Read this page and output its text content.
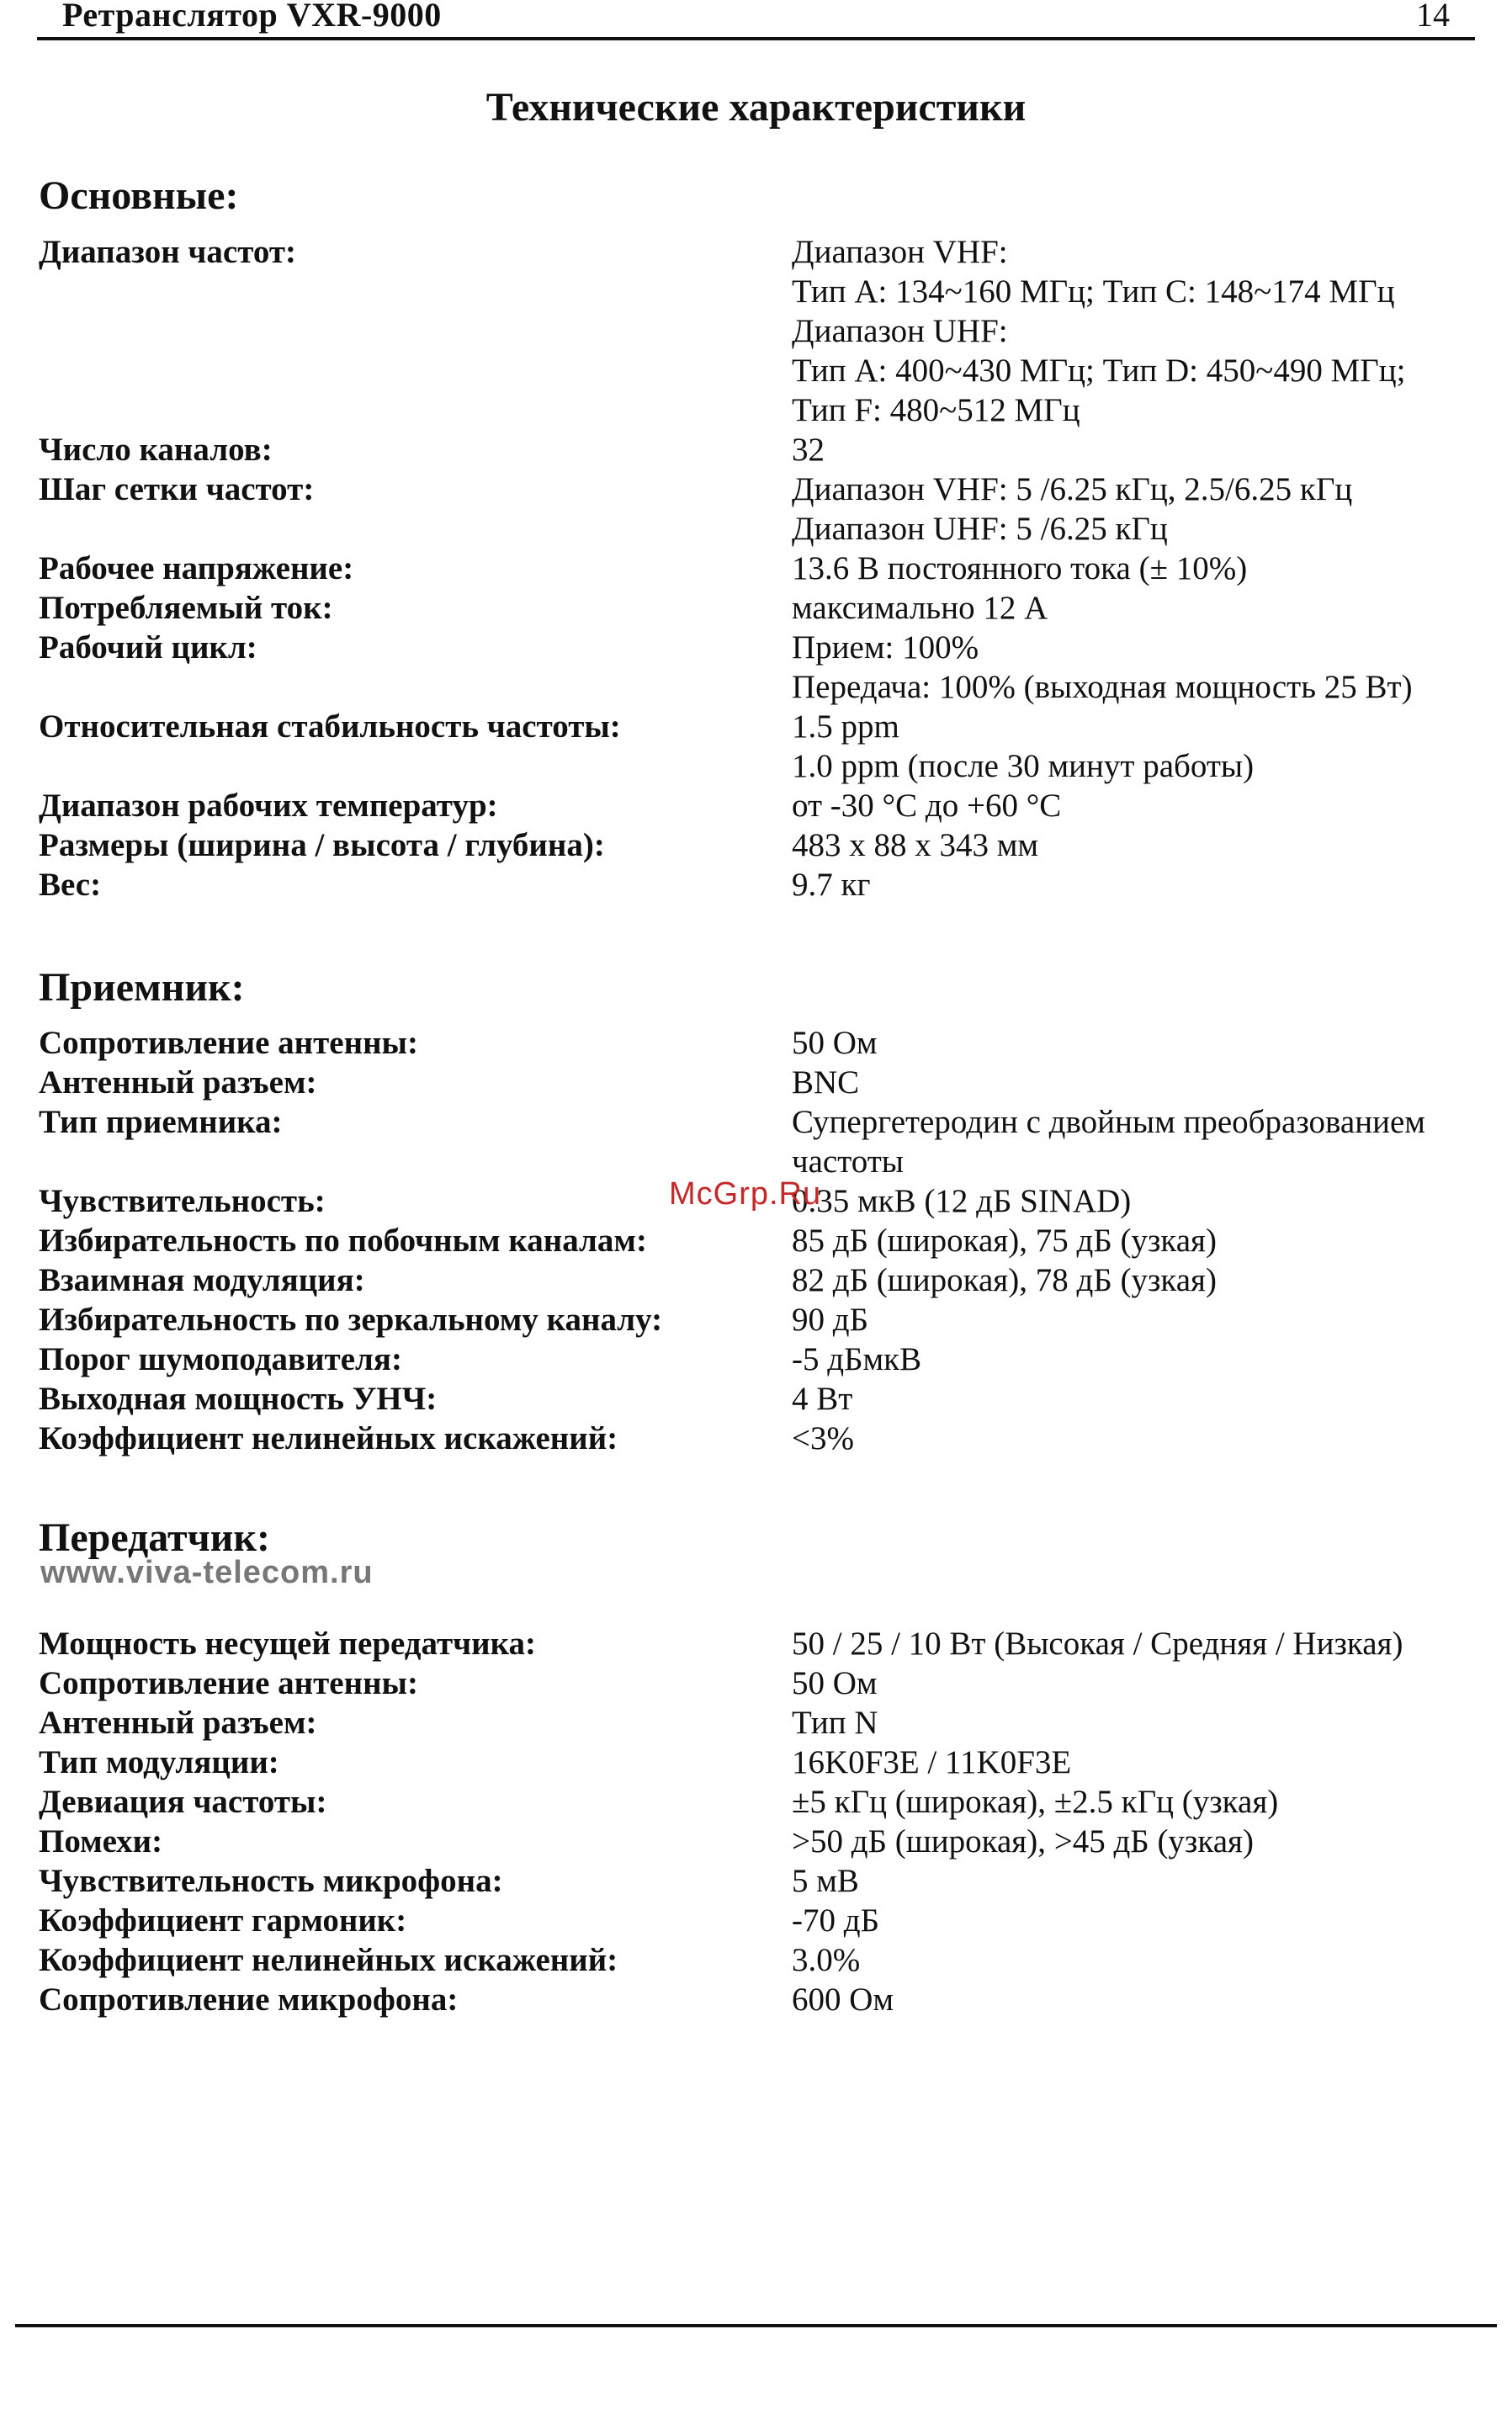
Ретранслятор VXR-9000	14
Технические характеристики
Основные:
Диапазон частот:	Диапазон VHF:
Тип A: 134~160 МГц; Тип C: 148~174 МГц
Диапазон UHF:
Тип A: 400~430 МГц; Тип D: 450~490 МГц;
Тип F: 480~512 МГц
Число каналов:	32
Шаг сетки частот:	Диапазон VHF: 5 /6.25 кГц, 2.5/6.25 кГц
Диапазон UHF: 5 /6.25 кГц
Рабочее напряжение:	13.6 В постоянного тока (± 10%)
Потребляемый ток:	максимально 12 А
Рабочий цикл:	Прием: 100%
Передача: 100% (выходная мощность 25 Вт)
Относительная стабильность частоты:	1.5 ppm
1.0 ppm (после 30 минут работы)
Диапазон рабочих температур:	от -30 °C до +60 °C
Размеры (ширина / высота / глубина):	483 x 88 x 343 мм
Вес:	9.7 кг
Приемник:
Сопротивление антенны:	50 Ом
Антенный разъем:	BNC
Тип приемника:	Супергетеродин с двойным преобразованием
частоты
Чувствительность:	0.35 мкВ (12 дБ SINAD)
Избирательность по побочным каналам:	85 дБ (широкая), 75 дБ (узкая)
Взаимная модуляция:	82 дБ (широкая), 78 дБ (узкая)
Избирательность по зеркальному каналу:	90 дБ
Порог шумоподавителя:	-5 дБмкВ
Выходная мощность УНЧ:	4 Вт
Коэффициент нелинейных искажений:	<3%
Передатчик:
Мощность несущей передатчика:	50 / 25 / 10 Вт (Высокая / Средняя / Низкая)
Сопротивление антенны:	50 Ом
Антенный разъем:	Тип N
Тип модуляции:	16K0F3E / 11K0F3E
Девиация частоты:	±5 кГц (широкая), ±2.5 кГц (узкая)
Помехи:	>50 дБ (широкая), >45 дБ (узкая)
Чувствительность микрофона:	5 мВ
Коэффициент гармоник:	-70 дБ
Коэффициент нелинейных искажений:	3.0%
Сопротивление микрофона:	600 Ом
McGrp.Ru
www.viva-telecom.ru
